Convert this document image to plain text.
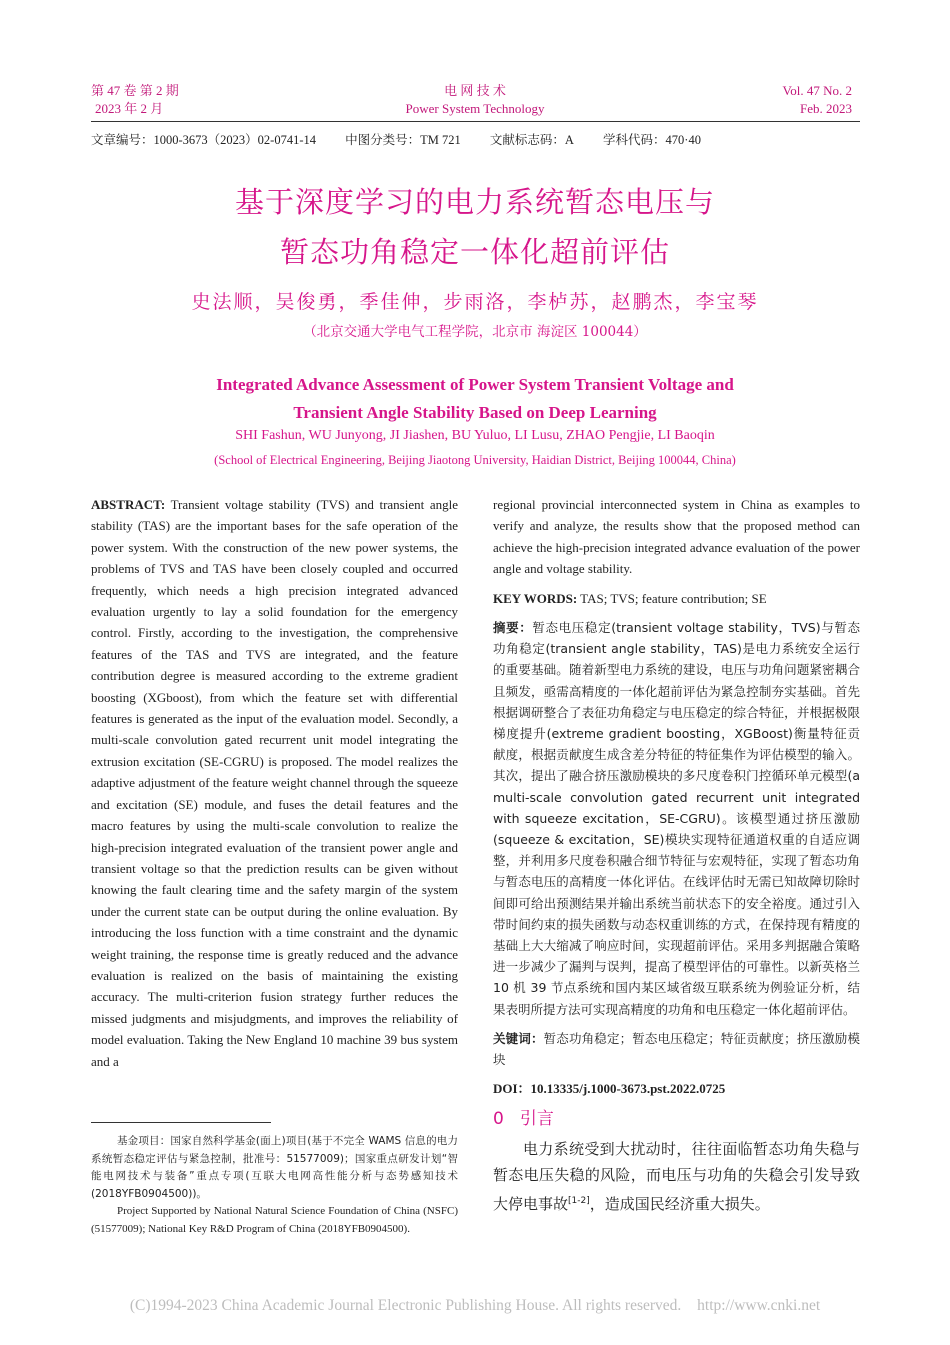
第 47 卷 第 2 期
2023 年 2 月
电 网 技 术
Power System Technology
Vol. 47 No. 2
Feb. 2023
文章编号：1000-3673（2023）02-0741-14 中图分类号：TM 721 文献标志码：A 学科代码：470·40
基于深度学习的电力系统暂态电压与
暂态功角稳定一体化超前评估
史法顺，吴俊勇，季佳伸，步雨洛，李栌苏，赵鹏杰，李宝琴
（北京交通大学电气工程学院，北京市 海淀区 100044）
Integrated Advance Assessment of Power System Transient Voltage and
Transient Angle Stability Based on Deep Learning
SHI Fashun, WU Junyong, JI Jiashen, BU Yuluo, LI Lusu, ZHAO Pengjie, LI Baoqin
(School of Electrical Engineering, Beijing Jiaotong University, Haidian District, Beijing 100044, China)
ABSTRACT: Transient voltage stability (TVS) and transient angle stability (TAS) are the important bases for the safe operation of the power system. With the construction of the new power systems, the problems of TVS and TAS have been closely coupled and occurred frequently, which needs a high precision integrated advanced evaluation urgently to lay a solid foundation for the emergency control. Firstly, according to the investigation, the comprehensive features of the TAS and TVS are integrated, and the feature contribution degree is measured according to the extreme gradient boosting (XGboost), from which the feature set with differential features is generated as the input of the evaluation model. Secondly, a multi-scale convolution gated recurrent unit model integrating the extrusion excitation (SE-CGRU) is proposed. The model realizes the adaptive adjustment of the feature weight channel through the squeeze and excitation (SE) module, and fuses the detail features and the macro features by using the multi-scale convolution to realize the high-precision integrated evaluation of the transient power angle and transient voltage so that the prediction results can be given without knowing the fault clearing time and the safety margin of the system under the current state can be output during the online evaluation. By introducing the loss function with a time constraint and the dynamic weight training, the response time is greatly reduced and the advance evaluation is realized on the basis of maintaining the existing accuracy. The multi-criterion fusion strategy further reduces the missed judgments and misjudgments, and improves the reliability of model evaluation. Taking the New England 10 machine 39 bus system and a
regional provincial interconnected system in China as examples to verify and analyze, the results show that the proposed method can achieve the high-precision integrated advance evaluation of the power angle and voltage stability.
KEY WORDS: TAS; TVS; feature contribution; SE
摘要：暂态电压稳定(transient voltage stability，TVS)与暂态功角稳定(transient angle stability，TAS)是电力系统安全运行的重要基础。随着新型电力系统的建设，电压与功角问题紧密耦合且频发，亟需高精度的一体化超前评估为紧急控制夯实基础。首先根据调研整合了表征功角稳定与电压稳定的综合特征，并根据极限梯度提升(extreme gradient boosting，XGBoost)衡量特征贡献度，根据贡献度生成含差分特征的特征集作为评估模型的输入。其次，提出了融合挤压激励模块的多尺度卷积门控循环单元模型(a multi-scale convolution gated recurrent unit integrated with squeeze excitation，SE-CGRU)。该模型通过挤压激励(squeeze & excitation，SE)模块实现特征通道权重的自适应调整，并利用多尺度卷积融合细节特征与宏观特征，实现了暂态功角与暂态电压的高精度一体化评估。在线评估时无需已知故障切除时间即可给出预测结果并输出系统当前状态下的安全裕度。通过引入带时间约束的损失函数与动态权重训练的方式，在保持现有精度的基础上大大缩减了响应时间，实现超前评估。采用多判据融合策略进一步减少了漏判与误判，提高了模型评估的可靠性。以新英格兰 10 机 39 节点系统和国内某区域省级互联系统为例验证分析，结果表明所提方法可实现高精度的功角和电压稳定一体化超前评估。
关键词：暂态功角稳定；暂态电压稳定；特征贡献度；挤压激励模块
DOI：10.13335/j.1000-3673.pst.2022.0725
0 引言
电力系统受到大扰动时，往往面临暂态功角失稳与暂态电压失稳的风险，而电压与功角的失稳会引发导致大停电事故[1-2]，造成国民经济重大损失。

基金项目：国家自然科学基金(面上)项目(基于不完全 WAMS 信息的电力系统暂态稳定评估与紧急控制，批准号：51577009)；国家重点研发计划“智能电网技术与装备”重点专项(互联大电网高性能分析与态势感知技术(2018YFB0904500))。

Project Supported by National Natural Science Foundation of China (NSFC) (51577009); National Key R&D Program of China (2018YFB0904500).

(C)1994-2023 China Academic Journal Electronic Publishing House. All rights reserved. http://www.cnki.net
